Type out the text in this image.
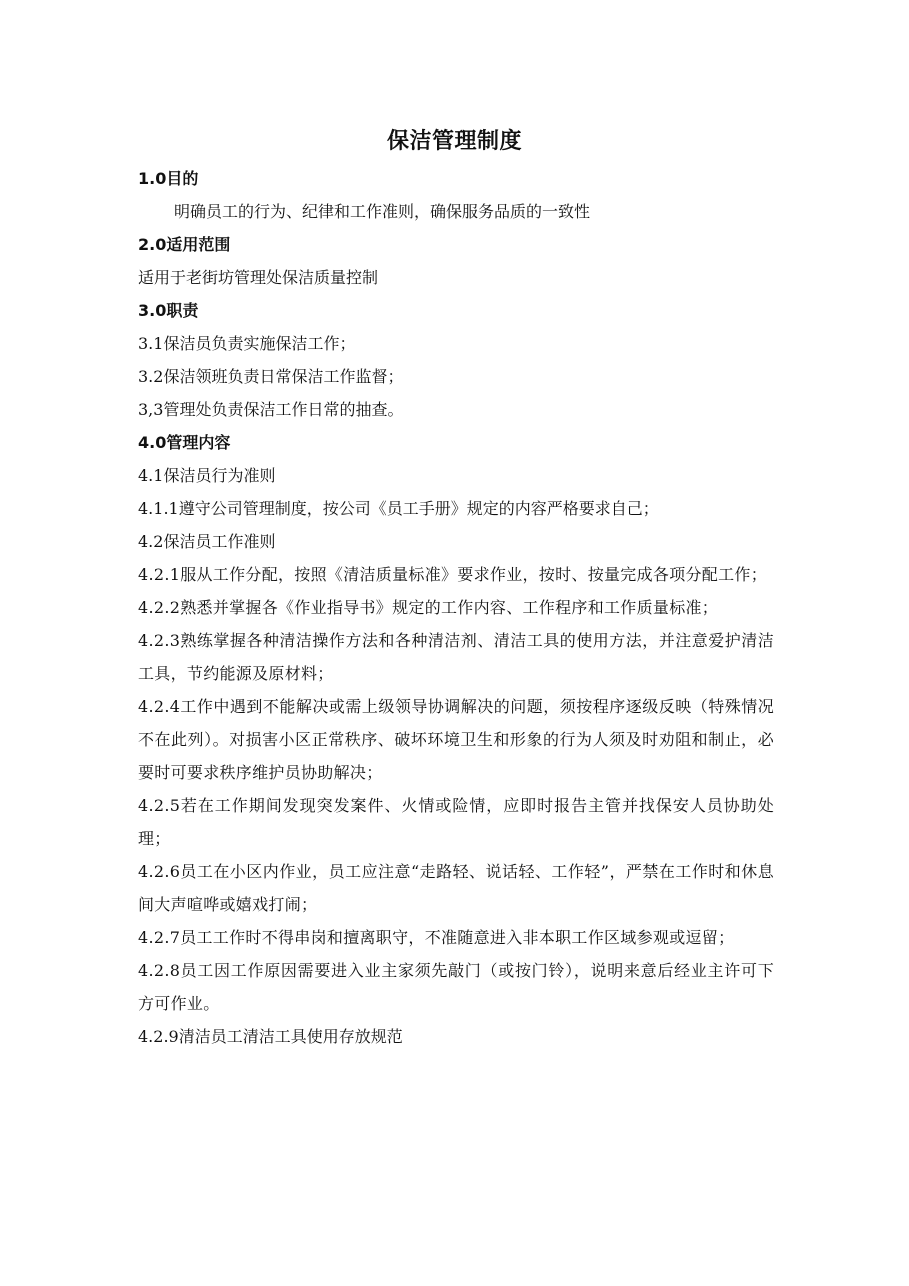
保洁管理制度

1.0目的

明确员工的行为、纪律和工作准则，确保服务品质的一致性

2.0适用范围

适用于老街坊管理处保洁质量控制

3.0职责

3.1保洁员负责实施保洁工作；

3.2保洁领班负责日常保洁工作监督；

3,3管理处负责保洁工作日常的抽查。

4.0管理内容

4.1保洁员行为准则

4.1.1遵守公司管理制度，按公司《员工手册》规定的内容严格要求自己；

4.2保洁员工作准则

4.2.1服从工作分配，按照《清洁质量标准》要求作业，按时、按量完成各项分配工作；

4.2.2熟悉并掌握各《作业指导书》规定的工作内容、工作程序和工作质量标准；

4.2.3熟练掌握各种清洁操作方法和各种清洁剂、清洁工具的使用方法，并注意爱护清洁工具，节约能源及原材料；

4.2.4工作中遇到不能解决或需上级领导协调解决的问题，须按程序逐级反映（特殊情况不在此列）。对损害小区正常秩序、破坏环境卫生和形象的行为人须及时劝阻和制止，必要时可要求秩序维护员协助解决；

4.2.5若在工作期间发现突发案件、火情或险情，应即时报告主管并找保安人员协助处理；

4.2.6员工在小区内作业，员工应注意“走路轻、说话轻、工作轻”，严禁在工作时和休息间大声喧哗或嬉戏打闹；

4.2.7员工工作时不得串岗和擅离职守，不准随意进入非本职工作区域参观或逗留；

4.2.8员工因工作原因需要进入业主家须先敲门（或按门铃），说明来意后经业主许可下方可作业。

4.2.9清洁员工清洁工具使用存放规范
